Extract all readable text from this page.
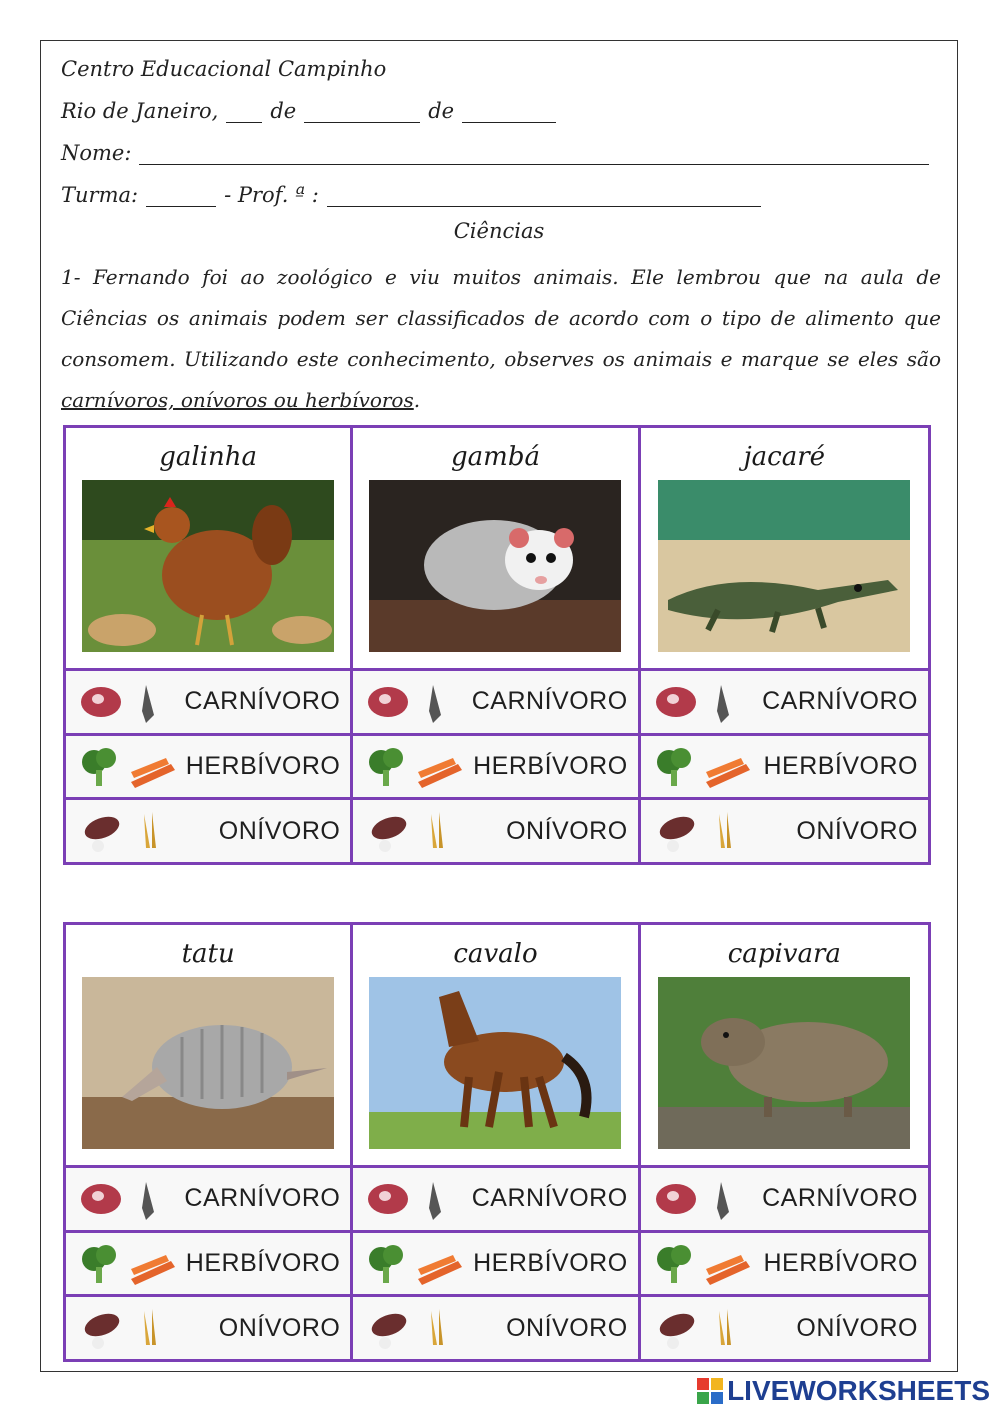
Centro Educacional Campinho
Rio de Janeiro, de	de
Nome:
Turma:	- Prof. ª :
Ciências
1- Fernando foi ao zoológico e viu muitos animais. Ele lembrou que na aula de Ciências os animais podem ser classificados de acordo com o tipo de alimento que consomem. Utilizando este conhecimento, observes os animais e marque se eles são carnívoros, onívoros ou herbívoros.
galinha
CARNÍVORO
HERBÍVORO
ONÍVORO
gambá
CARNÍVORO
HERBÍVORO
ONÍVORO
jacaré
CARNÍVORO
HERBÍVORO
ONÍVORO
tatu
CARNÍVORO
HERBÍVORO
ONÍVORO
cavalo
CARNÍVORO
HERBÍVORO
ONÍVORO
capivara
CARNÍVORO
HERBÍVORO
ONÍVORO
LIVEWORKSHEETS
